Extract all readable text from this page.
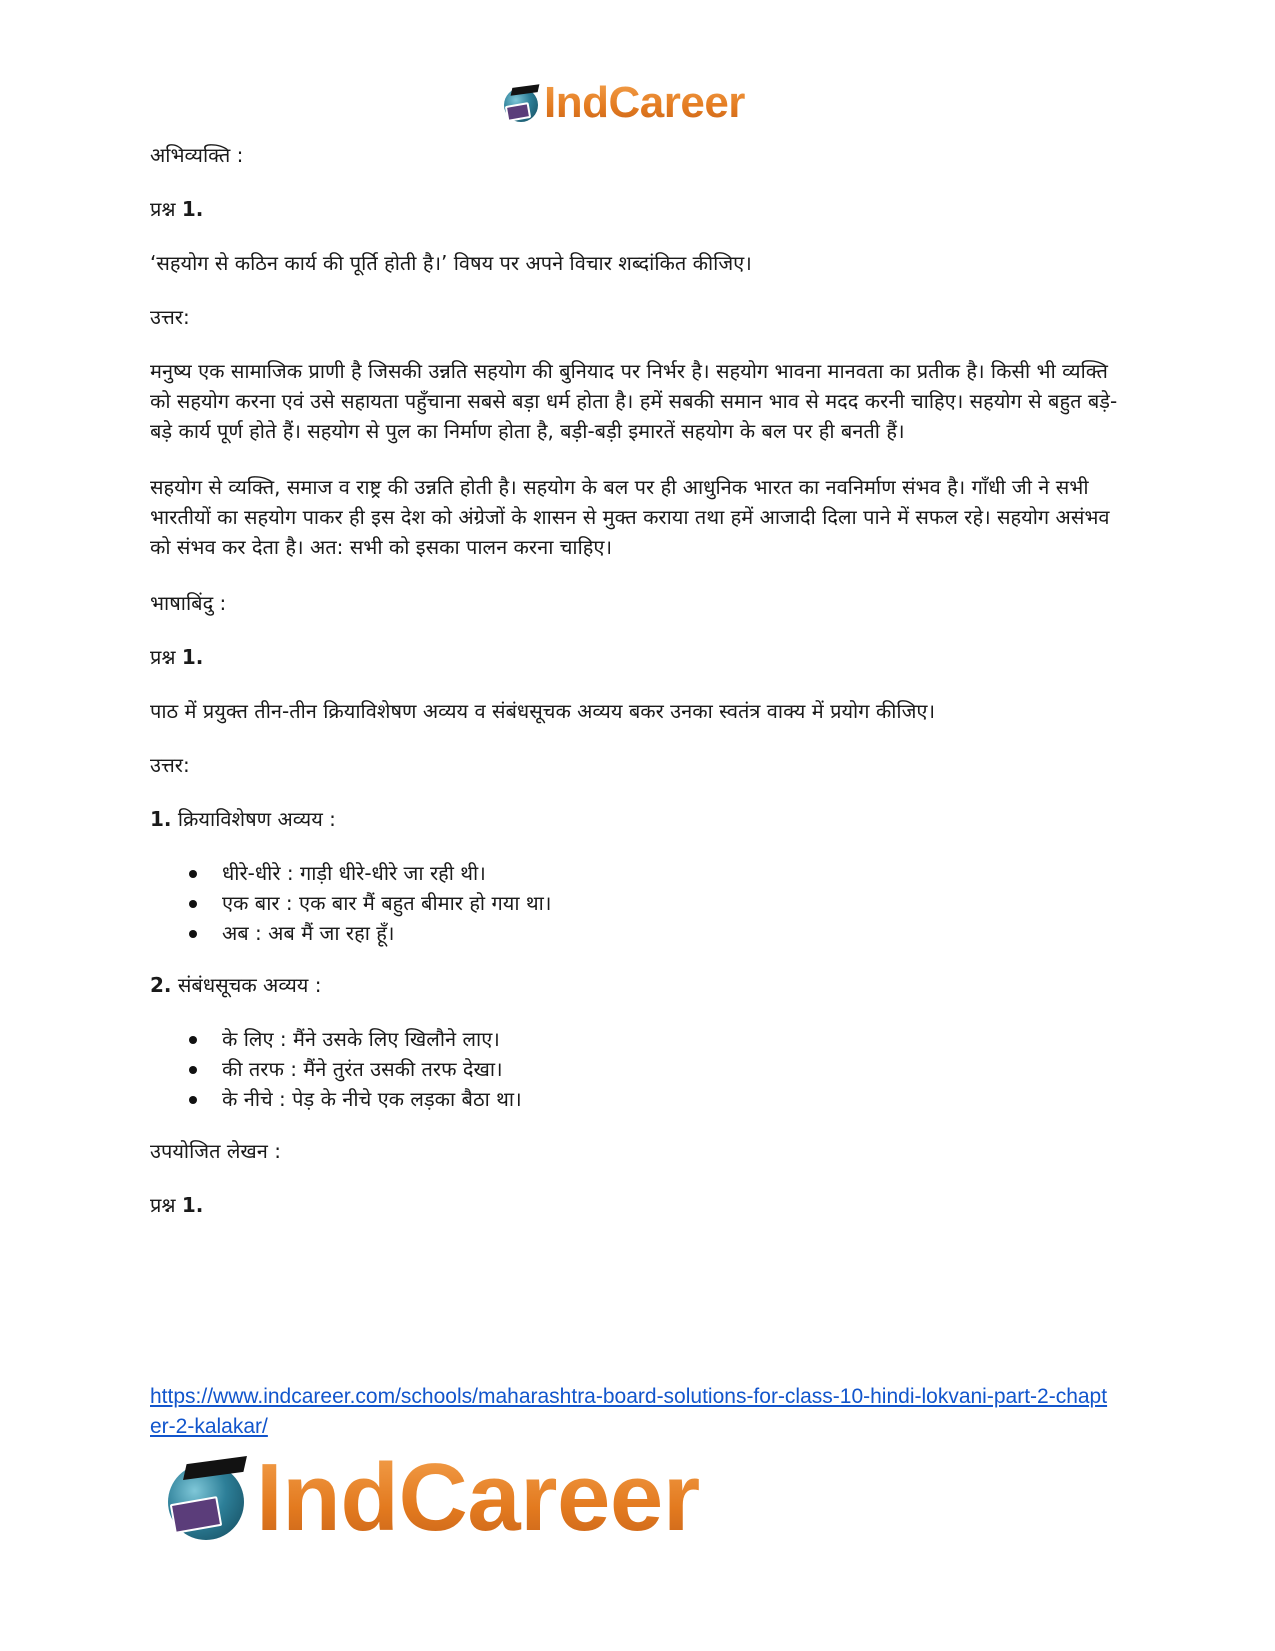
IndCareer

अभिव्यक्ति :

प्रश्न 1.

‘सहयोग से कठिन कार्य की पूर्ति होती है।’ विषय पर अपने विचार शब्दांकित कीजिए।

उत्तर:

मनुष्य एक सामाजिक प्राणी है जिसकी उन्नति सहयोग की बुनियाद पर निर्भर है। सहयोग भावना मानवता का प्रतीक है। किसी भी व्यक्ति को सहयोग करना एवं उसे सहायता पहुँचाना सबसे बड़ा धर्म होता है। हमें सबकी समान भाव से मदद करनी चाहिए। सहयोग से बहुत बड़े-बड़े कार्य पूर्ण होते हैं। सहयोग से पुल का निर्माण होता है, बड़ी-बड़ी इमारतें सहयोग के बल पर ही बनती हैं।

सहयोग से व्यक्ति, समाज व राष्ट्र की उन्नति होती है। सहयोग के बल पर ही आधुनिक भारत का नवनिर्माण संभव है। गाँधी जी ने सभी भारतीयों का सहयोग पाकर ही इस देश को अंग्रेजों के शासन से मुक्त कराया तथा हमें आजादी दिला पाने में सफल रहे। सहयोग असंभव को संभव कर देता है। अत: सभी को इसका पालन करना चाहिए।

भाषाबिंदु :

प्रश्न 1.

पाठ में प्रयुक्त तीन-तीन क्रियाविशेषण अव्यय व संबंधसूचक अव्यय बकर उनका स्वतंत्र वाक्य में प्रयोग कीजिए।

उत्तर:

1. क्रियाविशेषण अव्यय :

धीरे-धीरे : गाड़ी धीरे-धीरे जा रही थी।
एक बार : एक बार मैं बहुत बीमार हो गया था।
अब : अब मैं जा रहा हूँ।

2. संबंधसूचक अव्यय :

के लिए : मैंने उसके लिए खिलौने लाए।
की तरफ : मैंने तुरंत उसकी तरफ देखा।
के नीचे : पेड़ के नीचे एक लड़का बैठा था।

उपयोजित लेखन :

प्रश्न 1.

https://www.indcareer.com/schools/maharashtra-board-solutions-for-class-10-hindi-lokvani-part-2-chapter-2-kalakar/
IndCareer
